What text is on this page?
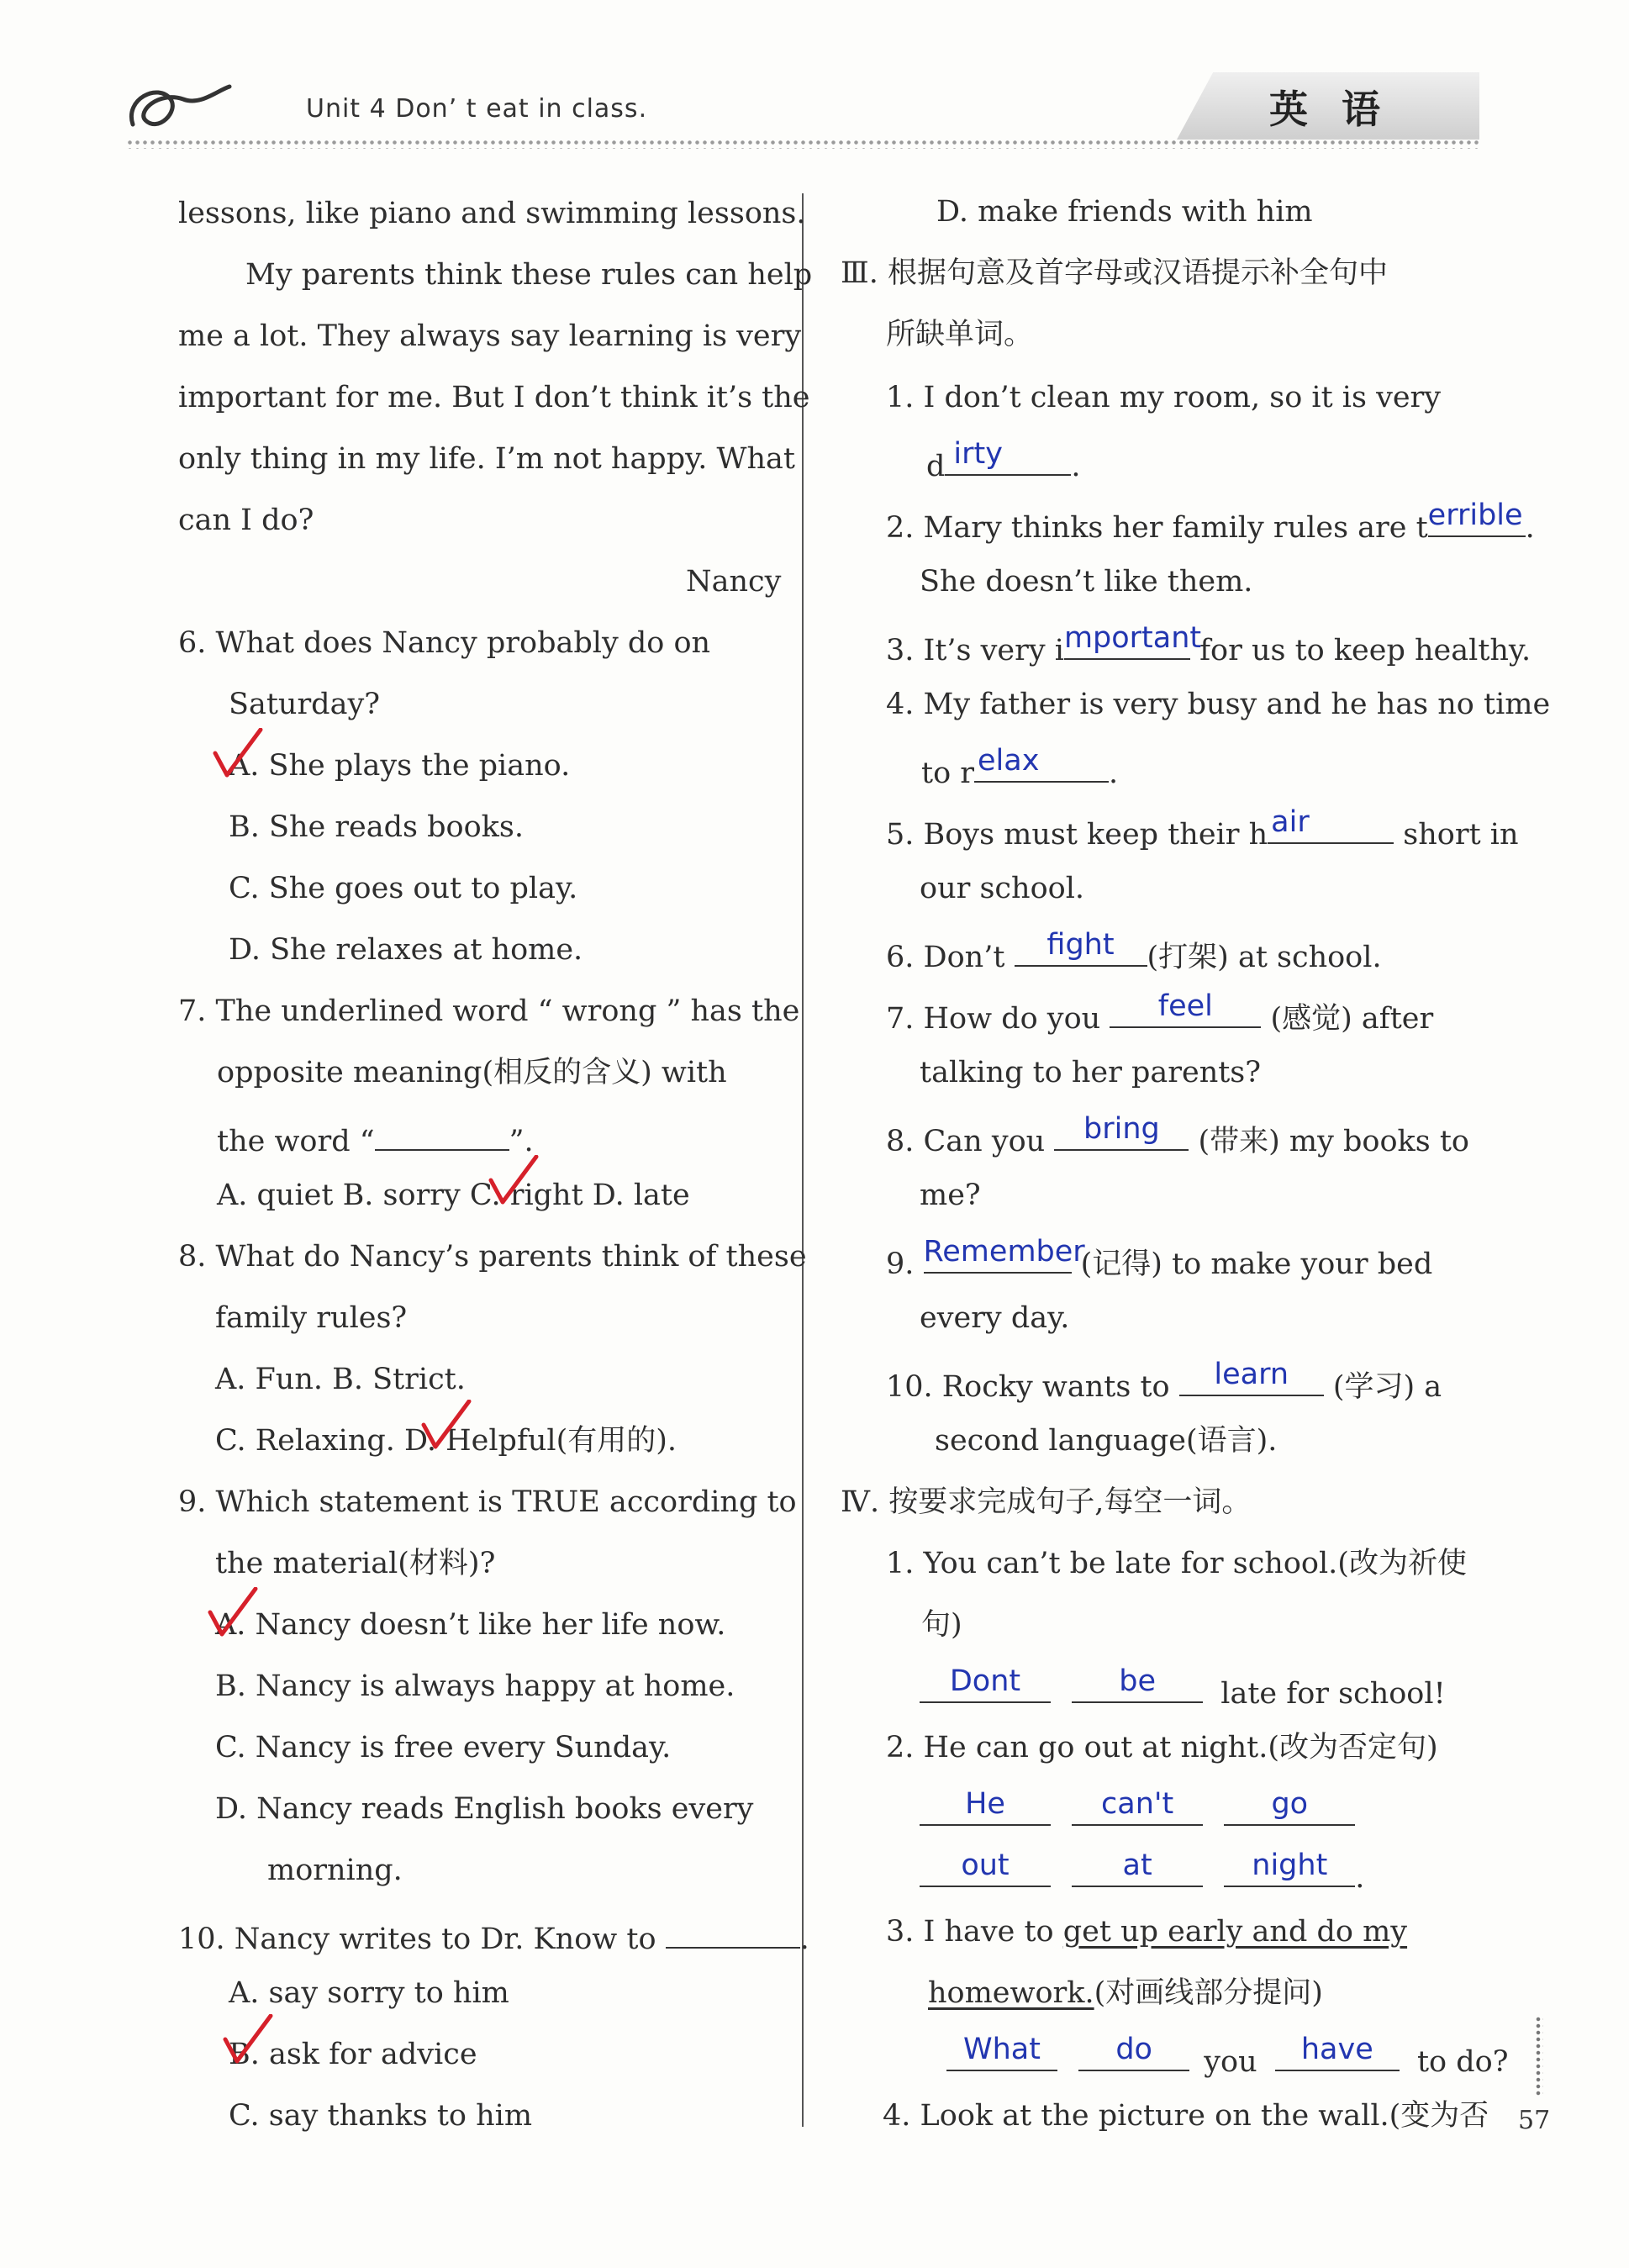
Unit 4 Don’ t eat in class.	英语
lessons, like piano and swimming lessons.
My parents think these rules can help
me a lot. They always say learning is very
important for me. But I don’t think it’s the
only thing in my life. I’m not happy. What
can I do?
Nancy
6. What does Nancy probably do on
Saturday?
A. She plays the piano.
B. She reads books.
C. She goes out to play.
D. She relaxes at home.
7. The underlined word “ wrong ” has the
opposite meaning(相反的含义) with
the word “	”.
A. quiet B. sorry C. right D. late
8. What do Nancy’s parents think of these
family rules?
A. Fun. B. Strict.
C. Relaxing. D. Helpful(有用的).
9. Which statement is TRUE according to
the material(材料)?
A. Nancy doesn’t like her life now.
B. Nancy is always happy at home.
C. Nancy is free every Sunday.
D. Nancy reads English books every
morning.
10. Nancy writes to Dr. Know to	.
A. say sorry to him
B. ask for advice
C. say thanks to him
D. make friends with him
Ⅲ. 根据句意及首字母或汉语提示补全句中
所缺单词。
1. I don’t clean my room, so it is very
d irty	.
2. Mary thinks her family rules are t errible .
She doesn’t like them.
3. It’s very i mportant
for us to keep healthy.
4. My father is very busy and he has no time
to r elax	.
5. Boys must keep their h air	short in
our school.
6. Don’t	fight	(打架) at school.
7. How do you	feel	(感觉) after
talking to her parents?
8. Can you bring (带来) my books to
me?
9. Remember
(记得) to make your bed
every day.
10. Rocky wants to	learn	(学习) a
second language(语言).
Ⅳ. 按要求完成句子,每空一词。
1. You can’t be late for school.(改为祈使
句)
Dont
	be	late for school!
2. He can go out at night.(改为否定句)
He
	can't
	go
out
	at
	night .
3. I have to get up early and do my
homework.(对画线部分提问)
What
	do	you	have	to do?
4. Look at the picture on the wall.(变为否 57
